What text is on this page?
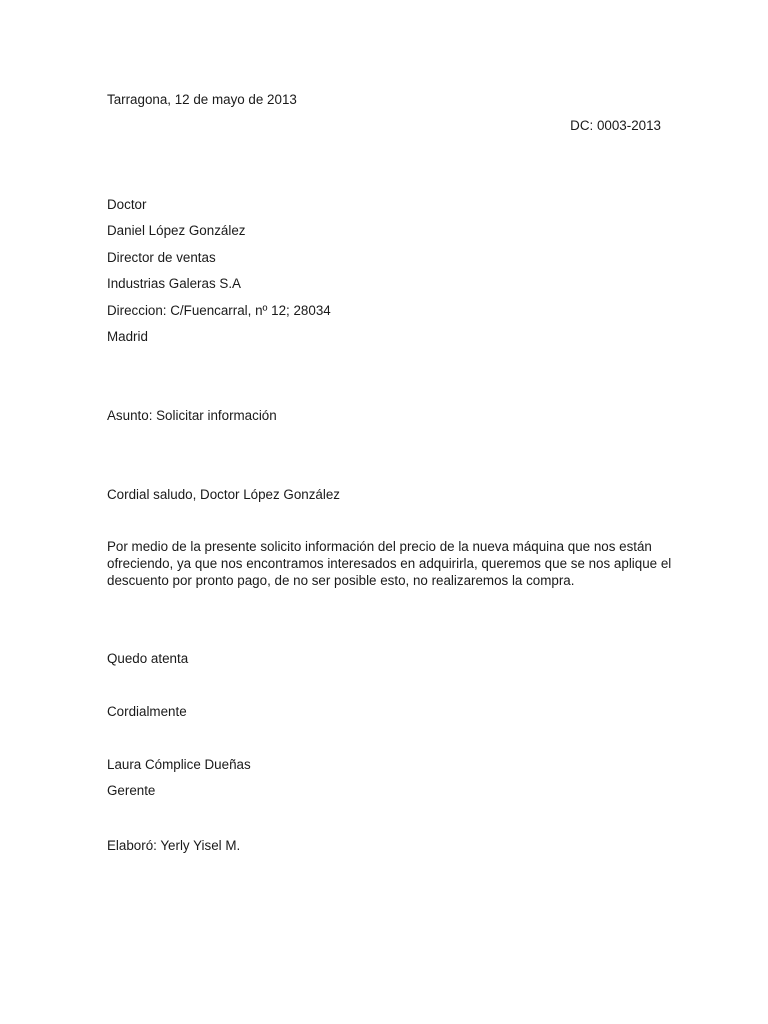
Tarragona, 12 de mayo de 2013
DC: 0003-2013
Doctor
Daniel López González
Director de ventas
Industrias Galeras S.A
Direccion: C/Fuencarral, nº 12; 28034
Madrid
Asunto: Solicitar información
Cordial saludo, Doctor López González
Por medio de la presente solicito información del precio de la nueva máquina que nos están
ofreciendo, ya que nos encontramos interesados en adquirirla, queremos que se nos aplique el
descuento por pronto pago, de no ser posible esto, no realizaremos la compra.
Quedo atenta
Cordialmente
Laura Cómplice Dueñas
Gerente
Elaboró: Yerly Yisel M.
